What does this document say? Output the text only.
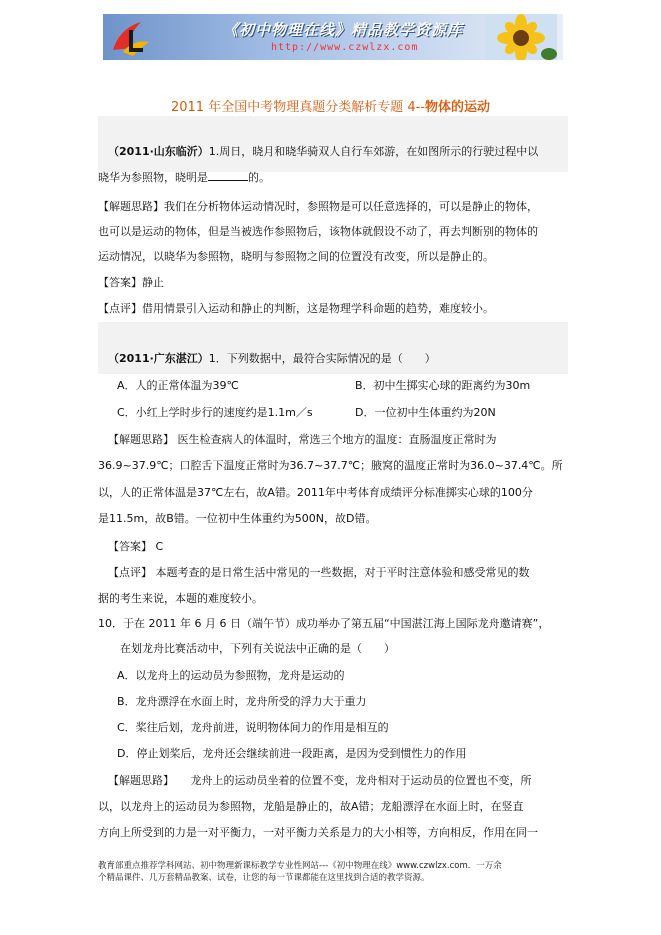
《初中物理在线》精品教学资源库
http://www.czwlzx.com
2011 年全国中考物理真题分类解析专题 4--物体的运动
（2011·山东临沂）1.周日，晓月和晓华骑双人自行车郊游，在如图所示的行驶过程中以
晓华为参照物，晓明是	的。
【解题思路】我们在分析物体运动情况时，参照物是可以任意选择的，可以是静止的物体，
也可以是运动的物体，但是当被选作参照物后，该物体就假设不动了，再去判断别的物体的
运动情况，以晓华为参照物，晓明与参照物之间的位置没有改变，所以是静止的。
【答案】静止
【点评】借用情景引入运动和静止的判断，这是物理学科命题的趋势，难度较小。
（2011·广东湛江）1．下列数据中，最符合实际情况的是（　　）
A．人的正常体温为39℃	B．初中生掷实心球的距离约为30m
C．小红上学时步行的速度约是1.1m／s	D．一位初中生体重约为20N
【解题思路】 医生检查病人的体温时，常选三个地方的温度：直肠温度正常时为
36.9~37.9℃；口腔舌下温度正常时为36.7~37.7℃；腋窝的温度正常时为36.0~37.4℃。所
以，人的正常体温是37℃左右，故A错。2011年中考体育成绩评分标准掷实心球的100分
是11.5m，故B错。一位初中生体重约为500N，故D错。
【答案】 C
【点评】 本题考查的是日常生活中常见的一些数据，对于平时注意体验和感受常见的数
据的考生来说，本题的难度较小。
10．于在 2011 年 6 月 6 日（端午节）成功举办了第五届“中国湛江海上国际龙舟邀请赛”，
在划龙舟比赛活动中，下列有关说法中正确的是（　　）
A．以龙舟上的运动员为参照物，龙舟是运动的
B．龙舟漂浮在水面上时，龙舟所受的浮力大于重力
C．桨往后划，龙舟前进，说明物体间力的作用是相互的
D．停止划桨后，龙舟还会继续前进一段距离，是因为受到惯性力的作用
【解题思路】　　龙舟上的运动员坐着的位置不变，龙舟相对于运动员的位置也不变，所
以，以龙舟上的运动员为参照物，龙船是静止的，故A错；龙船漂浮在水面上时，在竖直
方向上所受到的力是一对平衡力，一对平衡力关系是力的大小相等，方向相反，作用在同一
教育部重点推荐学科网站、初中物理新课标教学专业性网站---《初中物理在线》www.czwlzx.com．一万余
个精品课件、几万套精品教案、试卷，让您的每一节课都能在这里找到合适的教学资源。
